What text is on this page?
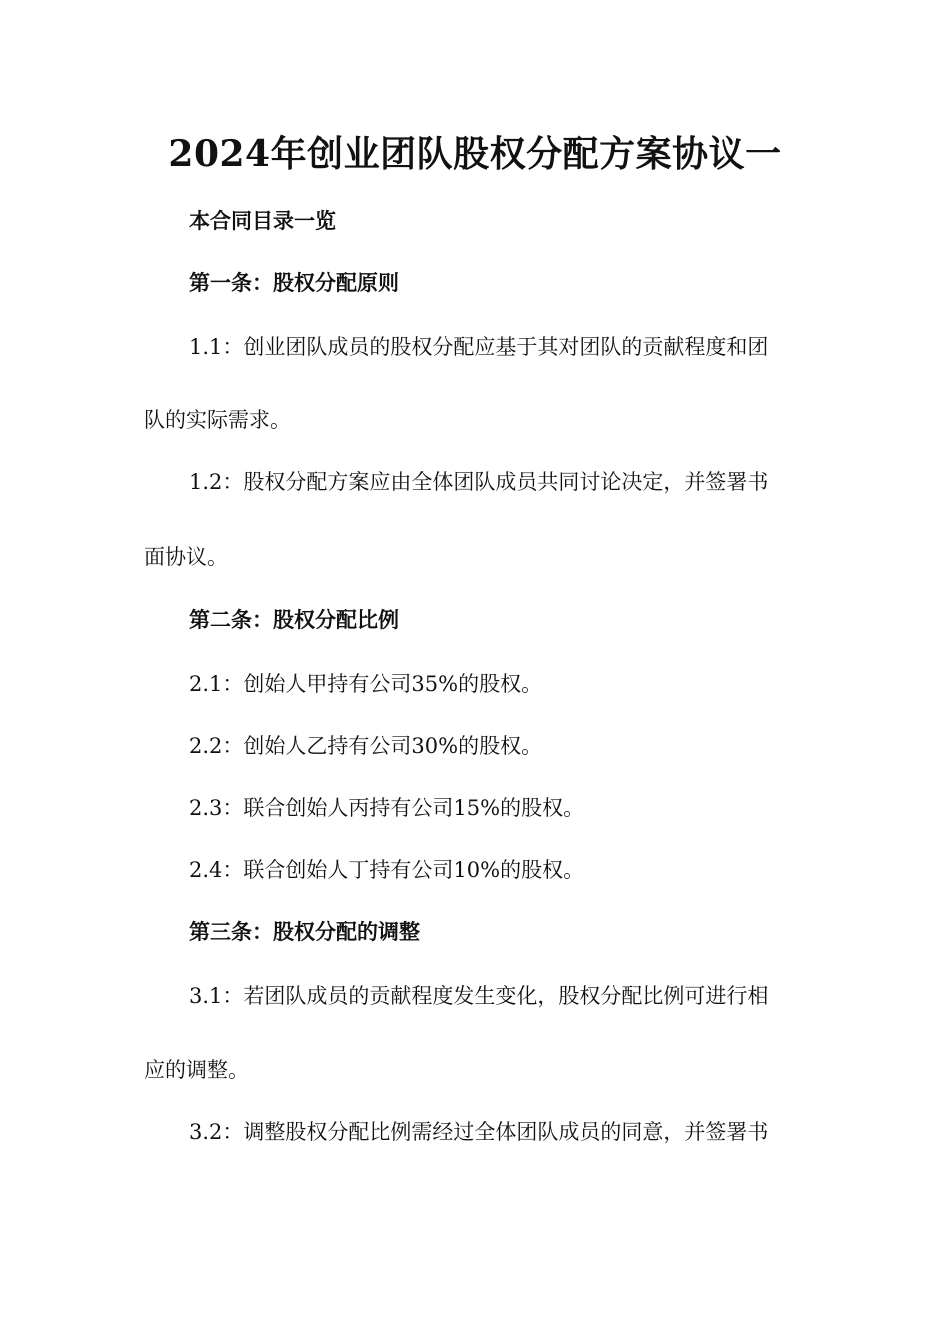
2024年创业团队股权分配方案协议一

本合同目录一览

第一条：股权分配原则

1.1：创业团队成员的股权分配应基于其对团队的贡献程度和团

队的实际需求。

1.2：股权分配方案应由全体团队成员共同讨论决定，并签署书

面协议。

第二条：股权分配比例

2.1：创始人甲持有公司35%的股权。

2.2：创始人乙持有公司30%的股权。

2.3：联合创始人丙持有公司15%的股权。

2.4：联合创始人丁持有公司10%的股权。

第三条：股权分配的调整

3.1：若团队成员的贡献程度发生变化，股权分配比例可进行相

应的调整。

3.2：调整股权分配比例需经过全体团队成员的同意，并签署书
